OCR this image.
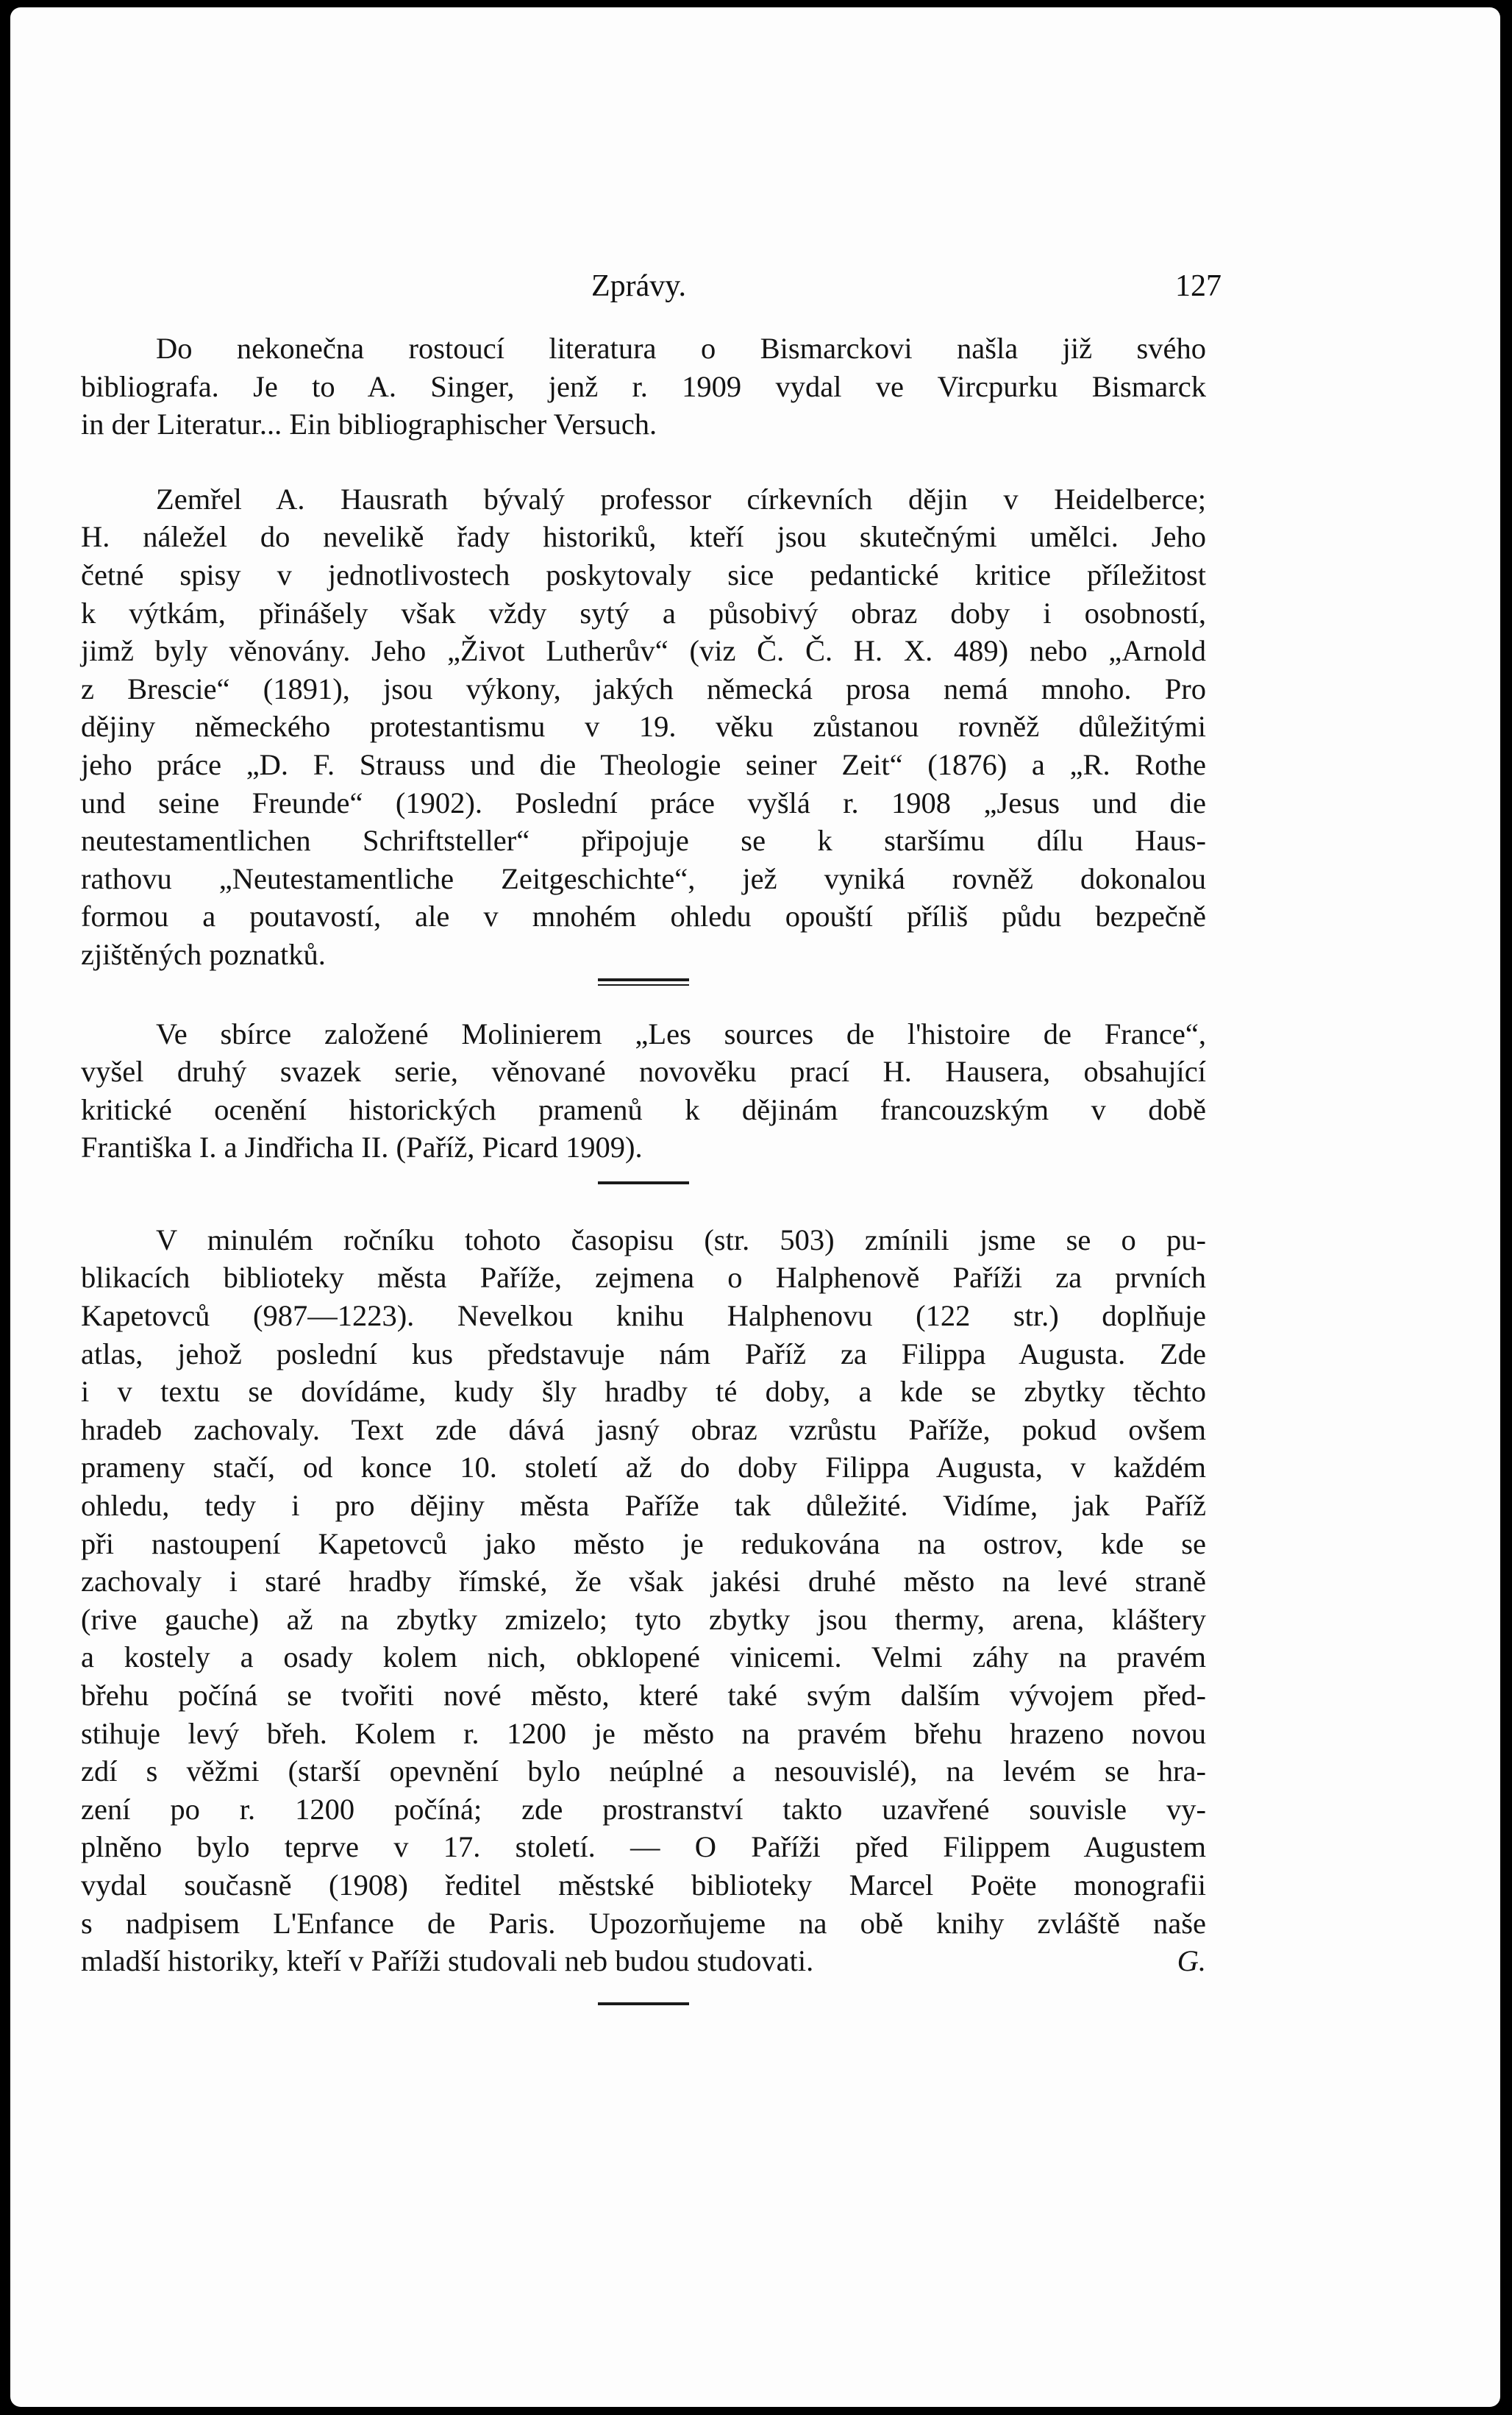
Zprávy.	127
Do nekonečna rostoucí literatura o Bismarckovi našla již svého
bibliografa. Je to A. Singer, jenž r. 1909 vydal ve Vircpurku Bismarck
in der Literatur... Ein bibliographischer Versuch.
Zemřel A. Hausrath bývalý professor církevních dějin v Heidelberce;
H. náležel do nevelikě řady historiků, kteří jsou skutečnými umělci. Jeho
četné spisy v jednotlivostech poskytovaly sice pedantické kritice příležitost
k výtkám, přinášely však vždy sytý a působivý obraz doby i osobností,
jimž byly věnovány. Jeho „Život Lutherův“ (viz Č. Č. H. X. 489) nebo „Arnold
z Brescie“ (1891), jsou výkony, jakých německá prosa nemá mnoho. Pro
dějiny německého protestantismu v 19. věku zůstanou rovněž důležitými
jeho práce „D. F. Strauss und die Theologie seiner Zeit“ (1876) a „R. Rothe
und seine Freunde“ (1902). Poslední práce vyšlá r. 1908 „Jesus und die
neutestamentlichen Schriftsteller“ připojuje se k staršímu dílu Haus-
rathovu „Neutestamentliche Zeitgeschichte“, jež vyniká rovněž dokonalou
formou a poutavostí, ale v mnohém ohledu opouští příliš půdu bezpečně
zjištěných poznatků.
Ve sbírce založené Molinierem „Les sources de l'histoire de France“,
vyšel druhý svazek serie, věnované novověku prací H. Hausera, obsahující
kritické ocenění historických pramenů k dějinám francouzským v době
Františka I. a Jindřicha II. (Paříž, Picard 1909).
V minulém ročníku tohoto časopisu (str. 503) zmínili jsme se o pu-
blikacích biblioteky města Paříže, zejmena o Halphenově Paříži za prvních
Kapetovců (987—1223). Nevelkou knihu Halphenovu (122 str.) doplňuje
atlas, jehož poslední kus představuje nám Paříž za Filippa Augusta. Zde
i v textu se dovídáme, kudy šly hradby té doby, a kde se zbytky těchto
hradeb zachovaly. Text zde dává jasný obraz vzrůstu Paříže, pokud ovšem
prameny stačí, od konce 10. století až do doby Filippa Augusta, v každém
ohledu, tedy i pro dějiny města Paříže tak důležité. Vidíme, jak Paříž
při nastoupení Kapetovců jako město je redukována na ostrov, kde se
zachovaly i staré hradby římské, že však jakési druhé město na levé straně
(rive gauche) až na zbytky zmizelo; tyto zbytky jsou thermy, arena, kláštery
a kostely a osady kolem nich, obklopené vinicemi. Velmi záhy na pravém
břehu počíná se tvořiti nové město, které také svým dalším vývojem před-
stihuje levý břeh. Kolem r. 1200 je město na pravém břehu hrazeno novou
zdí s věžmi (starší opevnění bylo neúplné a nesouvislé), na levém se hra-
zení po r. 1200 počíná; zde prostranství takto uzavřené souvisle vy-
plněno bylo teprve v 17. století. — O Paříži před Filippem Augustem
vydal současně (1908) ředitel městské biblioteky Marcel Poëte monografii
s nadpisem L'Enfance de Paris. Upozorňujeme na obě knihy zvláště naše
mladší historiky, kteří v Paříži studovali neb budou studovati.	G.
